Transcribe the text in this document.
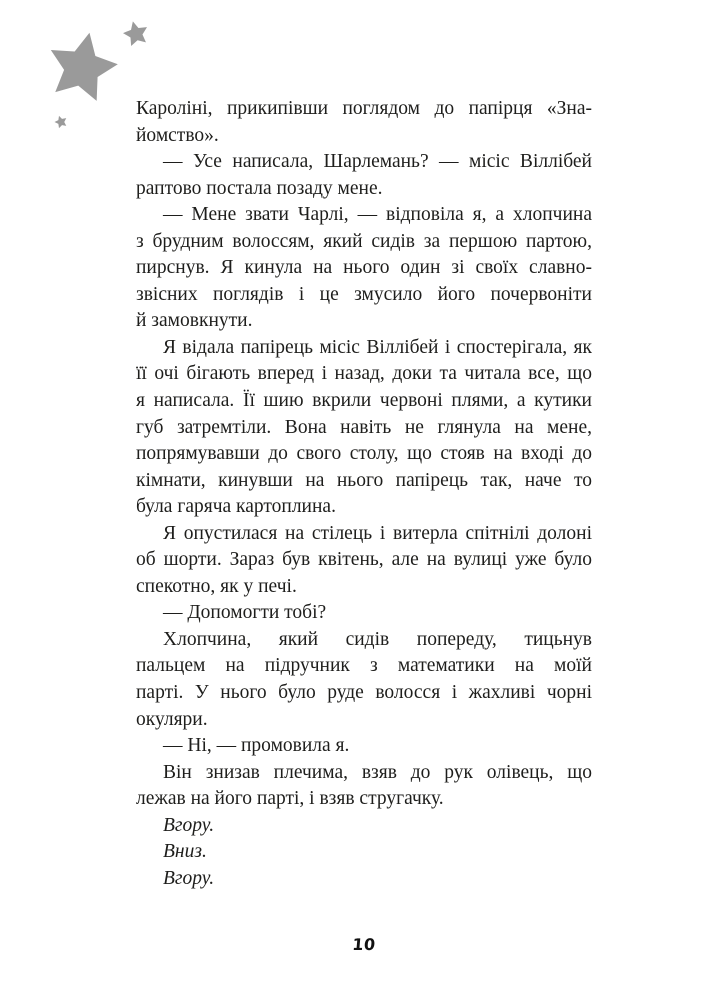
Кароліні, прикипівши поглядом до папірця «Зна-
йомство».
— Усе написала, Шарлемань? — місіс Віллібей
раптово постала позаду мене.
— Мене звати Чарлі, — відповіла я, а хлопчина
з брудним волоссям, який сидів за першою партою,
пирснув. Я кинула на нього один зі своїх славно-
звісних поглядів і це змусило його почервоніти
й замовкнути.
Я відала папірець місіс Віллібей і спостерігала, як
її очі бігають вперед і назад, доки та читала все, що
я написала. Її шию вкрили червоні плями, а кутики
губ затремтіли. Вона навіть не глянула на мене,
попрямувавши до свого столу, що стояв на вході до
кімнати, кинувши на нього папірець так, наче то
була гаряча картоплина.
Я опустилася на стілець і витерла спітнілі долоні
об шорти. Зараз був квітень, але на вулиці уже було
спекотно, як у печі.
— Допомогти тобі?
Хлопчина, який сидів попереду, тицьнув
пальцем на підручник з математики на моїй
парті. У нього було руде волосся і жахливі чорні
окуляри.
— Ні, — промовила я.
Він знизав плечима, взяв до рук олівець, що
лежав на його парті, і взяв стругачку.
Вгору.
Вниз.
Вгору.
10
